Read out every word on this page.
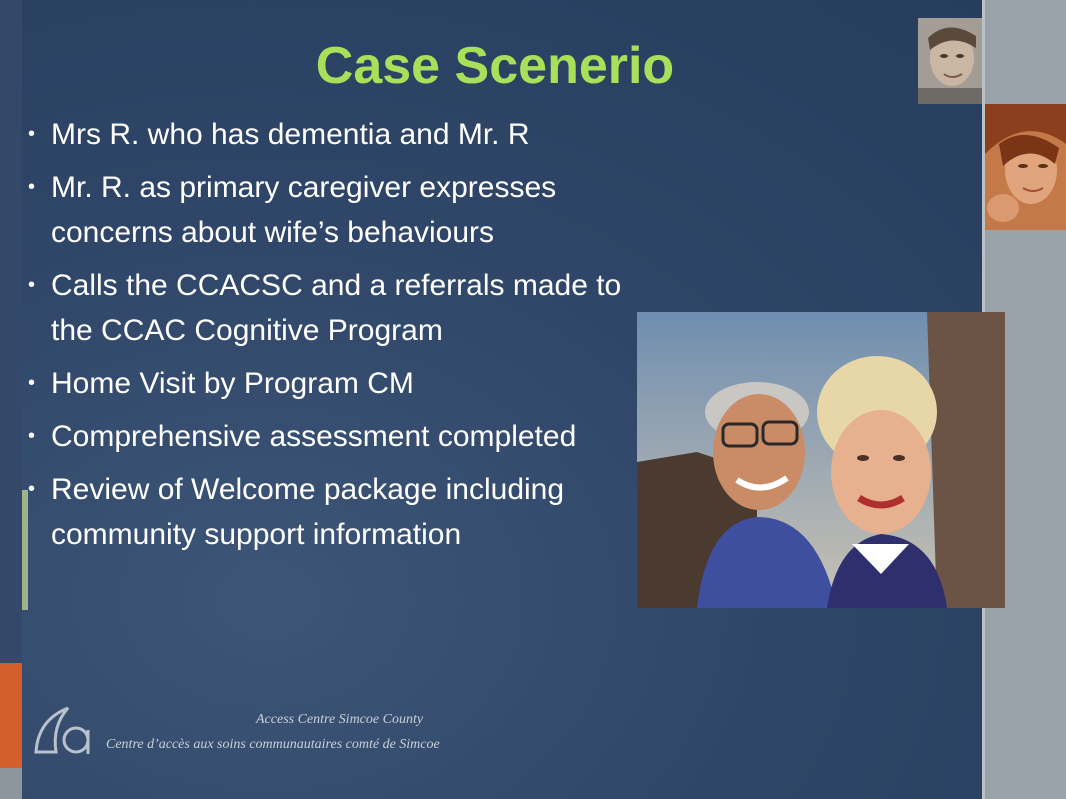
Case Scenerio
• Mrs R. who has dementia and Mr. R
• Mr. R. as primary caregiver expresses concerns about wife’s behaviours
• Calls the CCACSC and a referrals made to the CCAC Cognitive Program
• Home Visit by Program CM
• Comprehensive assessment completed
• Review of Welcome package including community support information
Access Centre Simcoe County
Centre d’accès aux soins communautaires comté de Simcoe
